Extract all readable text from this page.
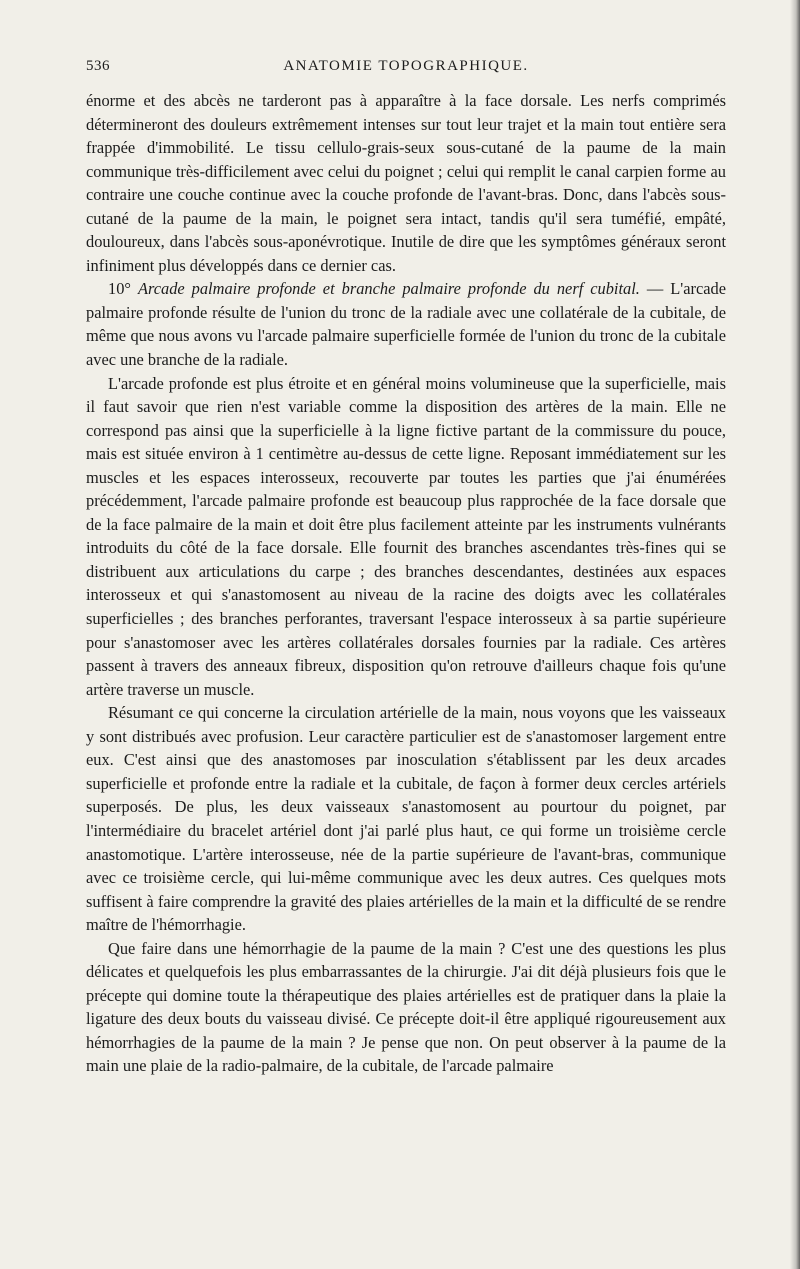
536	ANATOMIE TOPOGRAPHIQUE.

énorme et des abcès ne tarderont pas à apparaître à la face dorsale. Les nerfs comprimés détermineront des douleurs extrêmement intenses sur tout leur trajet et la main tout entière sera frappée d'immobilité. Le tissu cellulo-grais-seux sous-cutané de la paume de la main communique très-difficilement avec celui du poignet ; celui qui remplit le canal carpien forme au contraire une couche continue avec la couche profonde de l'avant-bras. Donc, dans l'abcès sous-cutané de la paume de la main, le poignet sera intact, tandis qu'il sera tuméfié, empâté, douloureux, dans l'abcès sous-aponévrotique. Inutile de dire que les symptômes généraux seront infiniment plus développés dans ce dernier cas.

10° Arcade palmaire profonde et branche palmaire profonde du nerf cubital. — L'arcade palmaire profonde résulte de l'union du tronc de la radiale avec une collatérale de la cubitale, de même que nous avons vu l'arcade palmaire superficielle formée de l'union du tronc de la cubitale avec une branche de la radiale.

L'arcade profonde est plus étroite et en général moins volumineuse que la superficielle, mais il faut savoir que rien n'est variable comme la disposition des artères de la main. Elle ne correspond pas ainsi que la superficielle à la ligne fictive partant de la commissure du pouce, mais est située environ à 1 centimètre au-dessus de cette ligne. Reposant immédiatement sur les muscles et les espaces interosseux, recouverte par toutes les parties que j'ai énumérées précédemment, l'arcade palmaire profonde est beaucoup plus rapprochée de la face dorsale que de la face palmaire de la main et doit être plus facilement atteinte par les instruments vulnérants introduits du côté de la face dorsale. Elle fournit des branches ascendantes très-fines qui se distribuent aux articulations du carpe ; des branches descendantes, destinées aux espaces interosseux et qui s'anastomosent au niveau de la racine des doigts avec les collatérales superficielles ; des branches perforantes, traversant l'espace interosseux à sa partie supérieure pour s'anastomoser avec les artères collatérales dorsales fournies par la radiale. Ces artères passent à travers des anneaux fibreux, disposition qu'on retrouve d'ailleurs chaque fois qu'une artère traverse un muscle.

Résumant ce qui concerne la circulation artérielle de la main, nous voyons que les vaisseaux y sont distribués avec profusion. Leur caractère particulier est de s'anastomoser largement entre eux. C'est ainsi que des anastomoses par inosculation s'établissent par les deux arcades superficielle et profonde entre la radiale et la cubitale, de façon à former deux cercles artériels superposés. De plus, les deux vaisseaux s'anastomosent au pourtour du poignet, par l'intermédiaire du bracelet artériel dont j'ai parlé plus haut, ce qui forme un troisième cercle anastomotique. L'artère interosseuse, née de la partie supérieure de l'avant-bras, communique avec ce troisième cercle, qui lui-même communique avec les deux autres. Ces quelques mots suffisent à faire comprendre la gravité des plaies artérielles de la main et la difficulté de se rendre maître de l'hémorrhagie.

Que faire dans une hémorrhagie de la paume de la main ? C'est une des questions les plus délicates et quelquefois les plus embarrassantes de la chirurgie. J'ai dit déjà plusieurs fois que le précepte qui domine toute la thérapeutique des plaies artérielles est de pratiquer dans la plaie la ligature des deux bouts du vaisseau divisé. Ce précepte doit-il être appliqué rigoureusement aux hémorrhagies de la paume de la main ? Je pense que non. On peut observer à la paume de la main une plaie de la radio-palmaire, de la cubitale, de l'arcade palmaire
